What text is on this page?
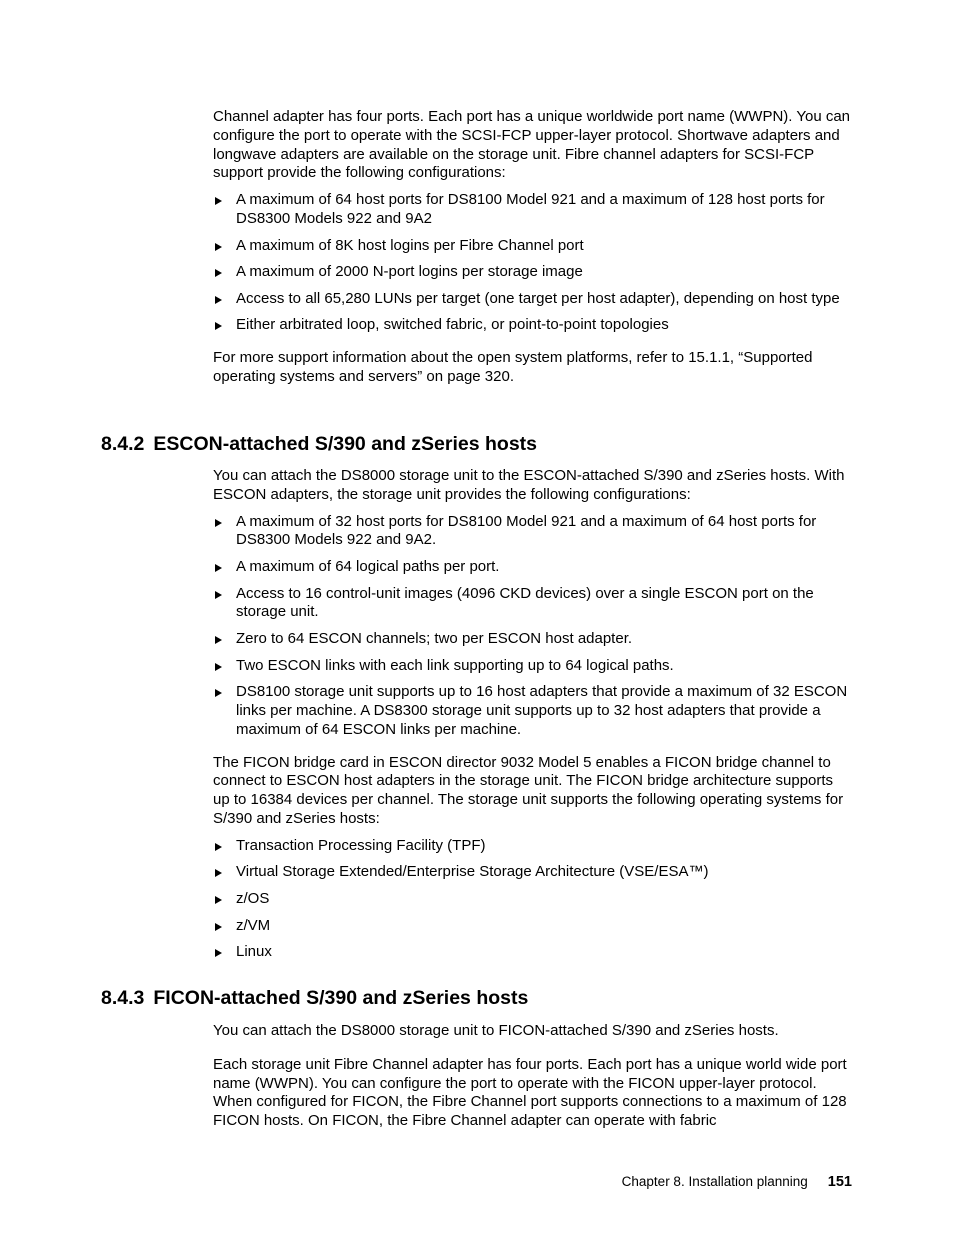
Channel adapter has four ports. Each port has a unique worldwide port name (WWPN). You can configure the port to operate with the SCSI-FCP upper-layer protocol. Shortwave adapters and longwave adapters are available on the storage unit. Fibre channel adapters for SCSI-FCP support provide the following configurations:

A maximum of 64 host ports for DS8100 Model 921 and a maximum of 128 host ports for DS8300 Models 922 and 9A2
A maximum of 8K host logins per Fibre Channel port
A maximum of 2000 N-port logins per storage image
Access to all 65,280 LUNs per target (one target per host adapter), depending on host type
Either arbitrated loop, switched fabric, or point-to-point topologies

For more support information about the open system platforms, refer to 15.1.1, “Supported operating systems and servers” on page 320.

8.4.2 ESCON-attached S/390 and zSeries hosts

You can attach the DS8000 storage unit to the ESCON-attached S/390 and zSeries hosts. With ESCON adapters, the storage unit provides the following configurations:

A maximum of 32 host ports for DS8100 Model 921 and a maximum of 64 host ports for DS8300 Models 922 and 9A2.
A maximum of 64 logical paths per port.
Access to 16 control-unit images (4096 CKD devices) over a single ESCON port on the storage unit.
Zero to 64 ESCON channels; two per ESCON host adapter.
Two ESCON links with each link supporting up to 64 logical paths.
DS8100 storage unit supports up to 16 host adapters that provide a maximum of 32 ESCON links per machine. A DS8300 storage unit supports up to 32 host adapters that provide a maximum of 64 ESCON links per machine.

The FICON bridge card in ESCON director 9032 Model 5 enables a FICON bridge channel to connect to ESCON host adapters in the storage unit. The FICON bridge architecture supports up to 16384 devices per channel. The storage unit supports the following operating systems for S/390 and zSeries hosts:

Transaction Processing Facility (TPF)
Virtual Storage Extended/Enterprise Storage Architecture (VSE/ESA™)
z/OS
z/VM
Linux
8.4.3 FICON-attached S/390 and zSeries hosts

You can attach the DS8000 storage unit to FICON-attached S/390 and zSeries hosts.

Each storage unit Fibre Channel adapter has four ports. Each port has a unique world wide port name (WWPN). You can configure the port to operate with the FICON upper-layer protocol. When configured for FICON, the Fibre Channel port supports connections to a maximum of 128 FICON hosts. On FICON, the Fibre Channel adapter can operate with fabric

Chapter 8. Installation planning 151
